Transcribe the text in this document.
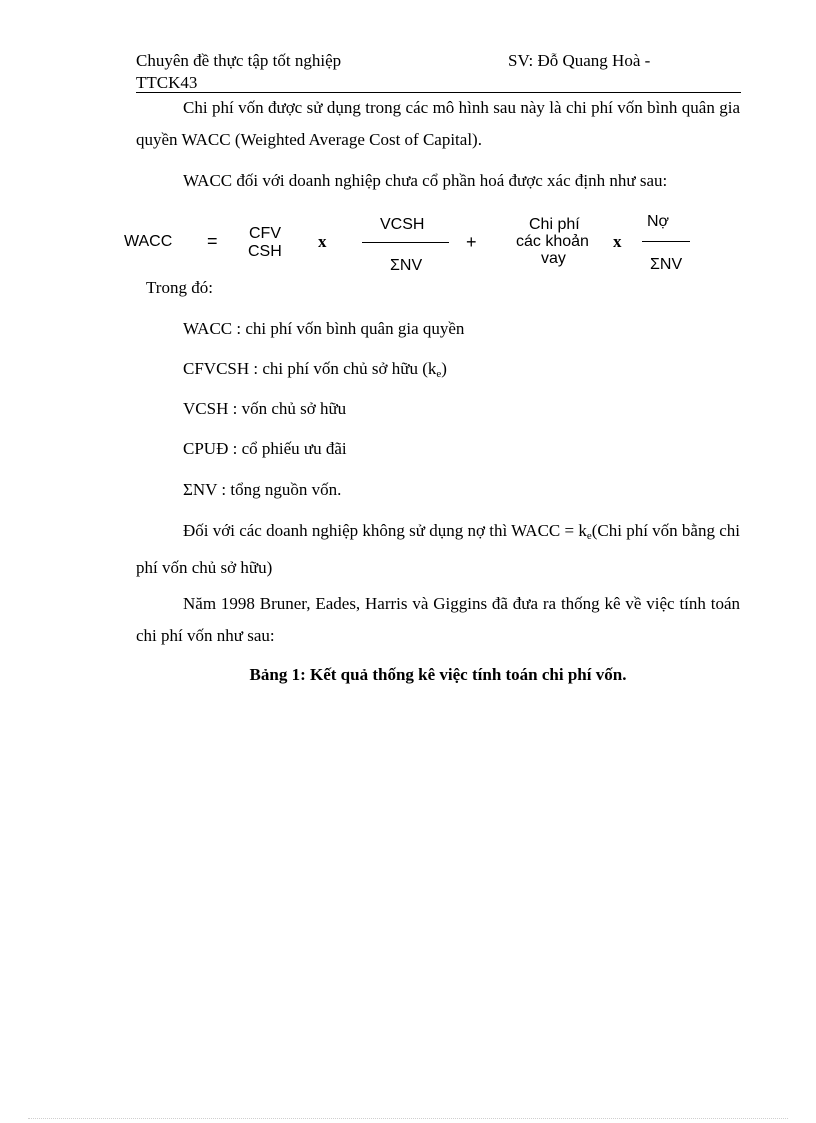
Chuyên đề thực tập tốt nghiệp
TTCK43
SV: Đỗ Quang Hoà -
Chi phí vốn được sử dụng trong các mô hình sau này là chi phí vốn bình quân gia quyền WACC (Weighted Average Cost of Capital).
WACC đối với doanh nghiệp chưa cổ phần hoá được xác định như sau:
WACC = CFV
CSH
x
VCSH
ΣNV
+
Chi phí
các khoản
vay
x
Nợ
ΣNV
Trong đó:
WACC : chi phí vốn bình quân gia quyền
CFVCSH : chi phí vốn chủ sở hữu (ke)
VCSH : vốn chủ sở hữu
CPUĐ : cổ phiếu ưu đãi
ΣNV : tổng nguồn vốn.
Đối với các doanh nghiệp không sử dụng nợ thì WACC = ke(Chi phí vốn bằng chi phí vốn chủ sở hữu)
Năm 1998 Bruner, Eades, Harris và Giggins đã đưa ra thống kê về việc tính toán chi phí vốn như sau:
Bảng 1: Kết quả thống kê việc tính toán chi phí vốn.
